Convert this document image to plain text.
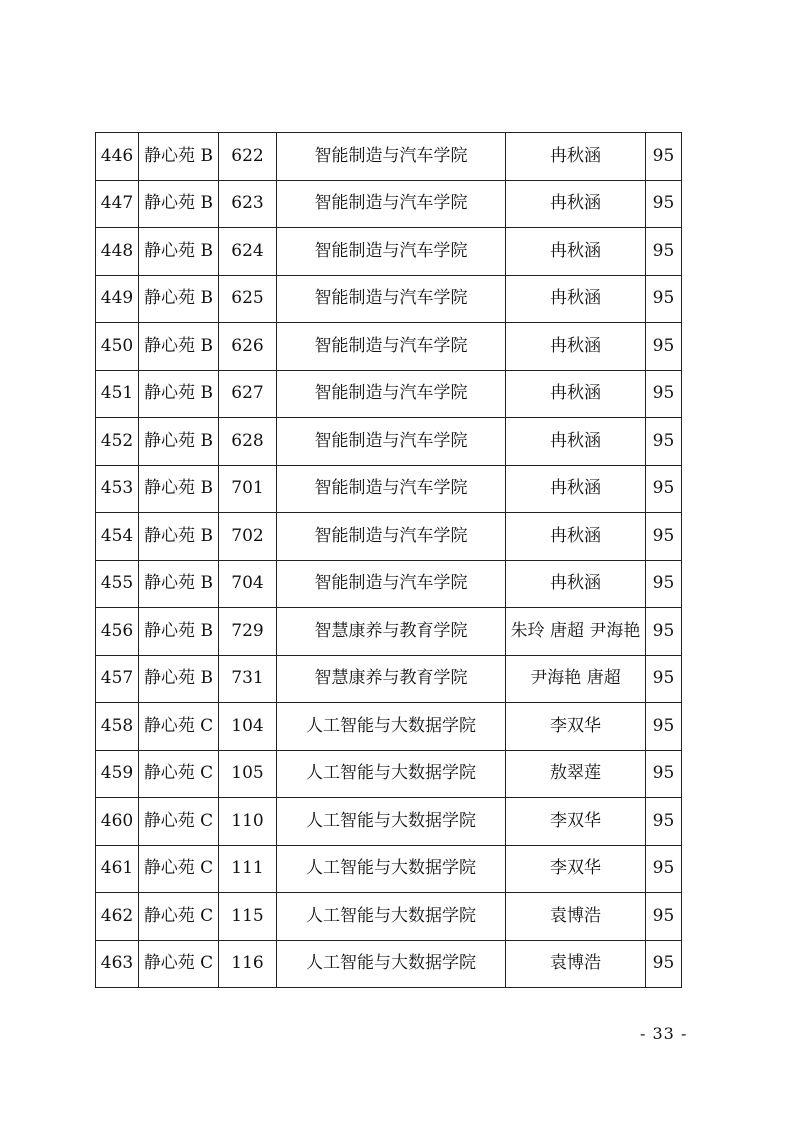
446	静心苑 B	622	智能制造与汽车学院	冉秋涵	95
447	静心苑 B	623	智能制造与汽车学院	冉秋涵	95
448	静心苑 B	624	智能制造与汽车学院	冉秋涵	95
449	静心苑 B	625	智能制造与汽车学院	冉秋涵	95
450	静心苑 B	626	智能制造与汽车学院	冉秋涵	95
451	静心苑 B	627	智能制造与汽车学院	冉秋涵	95
452	静心苑 B	628	智能制造与汽车学院	冉秋涵	95
453	静心苑 B	701	智能制造与汽车学院	冉秋涵	95
454	静心苑 B	702	智能制造与汽车学院	冉秋涵	95
455	静心苑 B	704	智能制造与汽车学院	冉秋涵	95
456	静心苑 B	729	智慧康养与教育学院	朱玲 唐超 尹海艳	95
457	静心苑 B	731	智慧康养与教育学院	尹海艳 唐超	95
458	静心苑 C	104	人工智能与大数据学院	李双华	95
459	静心苑 C	105	人工智能与大数据学院	敖翠莲	95
460	静心苑 C	110	人工智能与大数据学院	李双华	95
461	静心苑 C	111	人工智能与大数据学院	李双华	95
462	静心苑 C	115	人工智能与大数据学院	袁博浩	95
463	静心苑 C	116	人工智能与大数据学院	袁博浩	95
- 33 -
